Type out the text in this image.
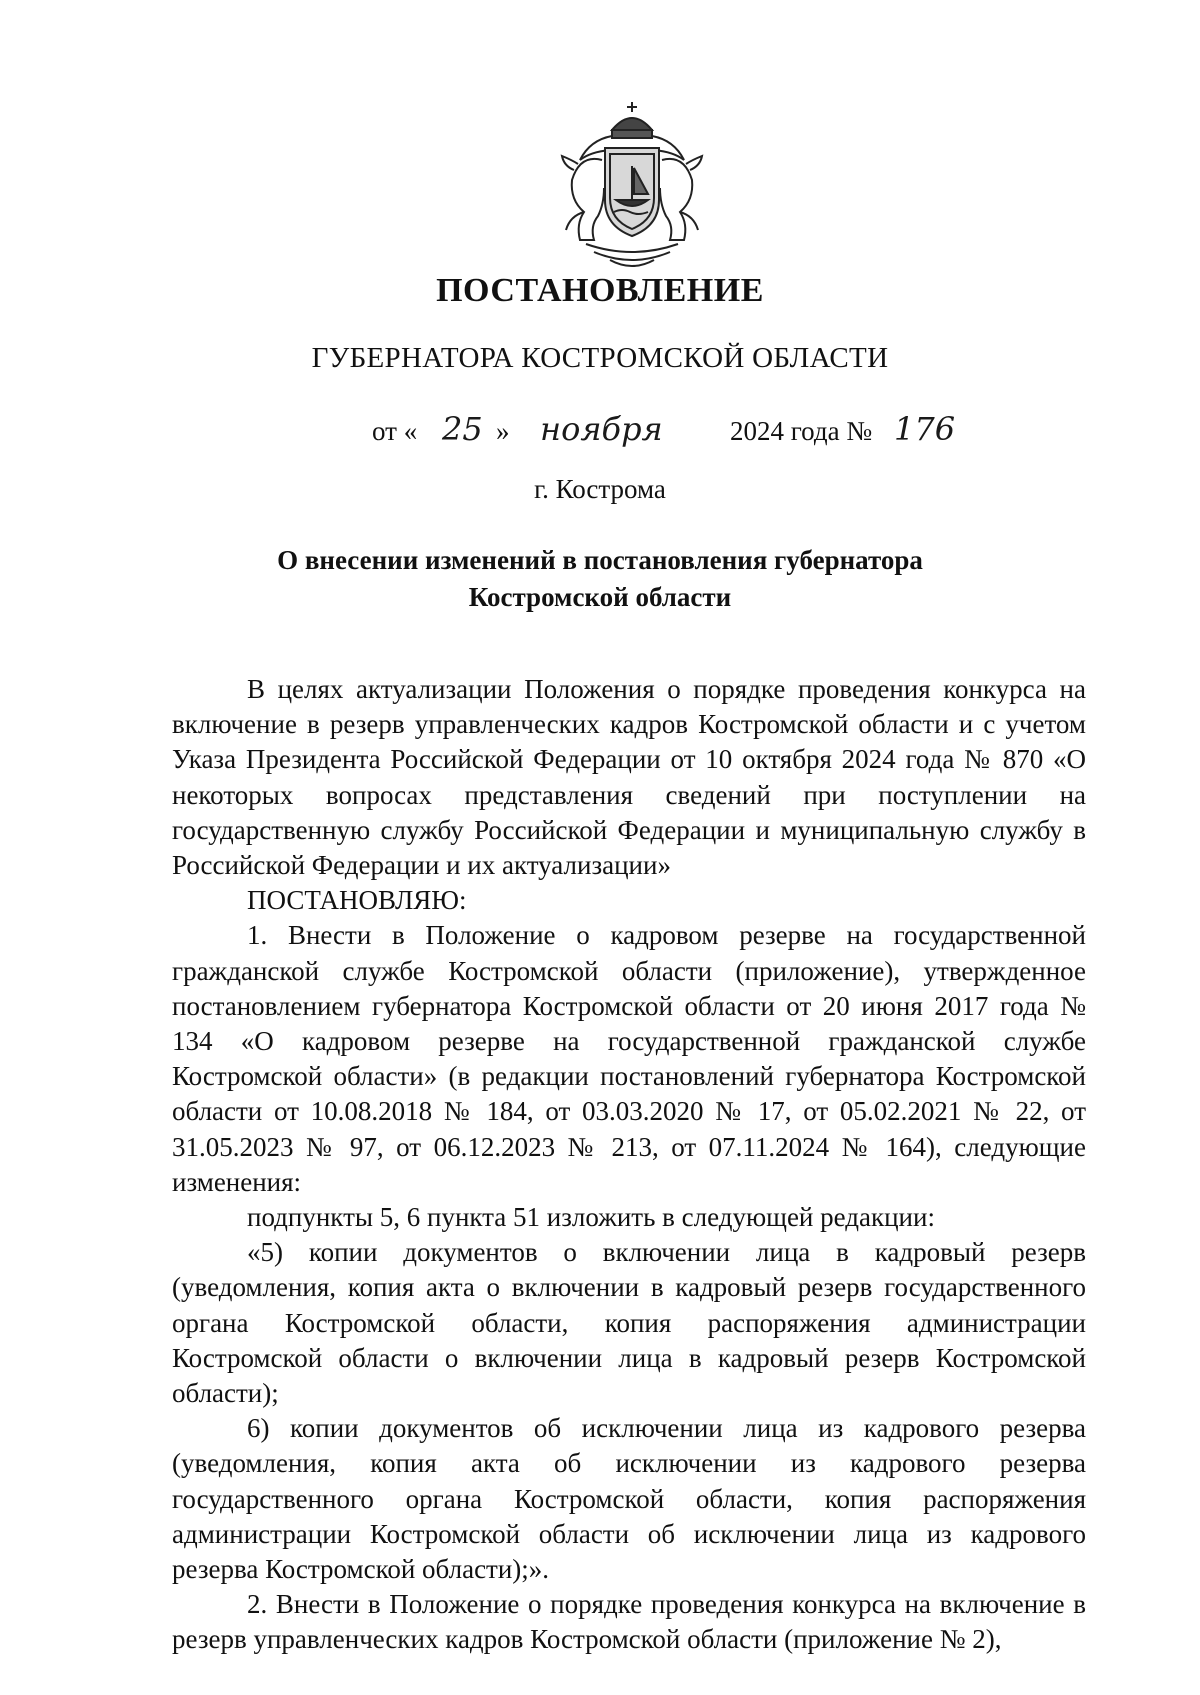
ПОСТАНОВЛЕНИЕ
ГУБЕРНАТОРА КОСТРОМСКОЙ ОБЛАСТИ
от « 25 » ноября 2024 года № 176
г. Кострома
О внесении изменений в постановления губернатора
Костромской области

В целях актуализации Положения о порядке проведения конкурса на включение в резерв управленческих кадров Костромской области и с учетом Указа Президента Российской Федерации от 10 октября 2024 года № 870 «О некоторых вопросах представления сведений при поступлении на государственную службу Российской Федерации и муниципальную службу в Российской Федерации и их актуализации»

ПОСТАНОВЛЯЮ:

1. Внести в Положение о кадровом резерве на государственной гражданской службе Костромской области (приложение), утвержденное постановлением губернатора Костромской области от 20 июня 2017 года № 134 «О кадровом резерве на государственной гражданской службе Костромской области» (в редакции постановлений губернатора Костромской области от 10.08.2018 № 184, от 03.03.2020 № 17, от 05.02.2021 № 22, от 31.05.2023 № 97, от 06.12.2023 № 213, от 07.11.2024 № 164), следующие изменения:

подпункты 5, 6 пункта 51 изложить в следующей редакции:

«5) копии документов о включении лица в кадровый резерв (уведомления, копия акта о включении в кадровый резерв государственного органа Костромской области, копия распоряжения администрации Костромской области о включении лица в кадровый резерв Костромской области);

6) копии документов об исключении лица из кадрового резерва (уведомления, копия акта об исключении из кадрового резерва государственного органа Костромской области, копия распоряжения администрации Костромской области об исключении лица из кадрового резерва Костромской области);».

2. Внести в Положение о порядке проведения конкурса на включение в резерв управленческих кадров Костромской области (приложение № 2),
